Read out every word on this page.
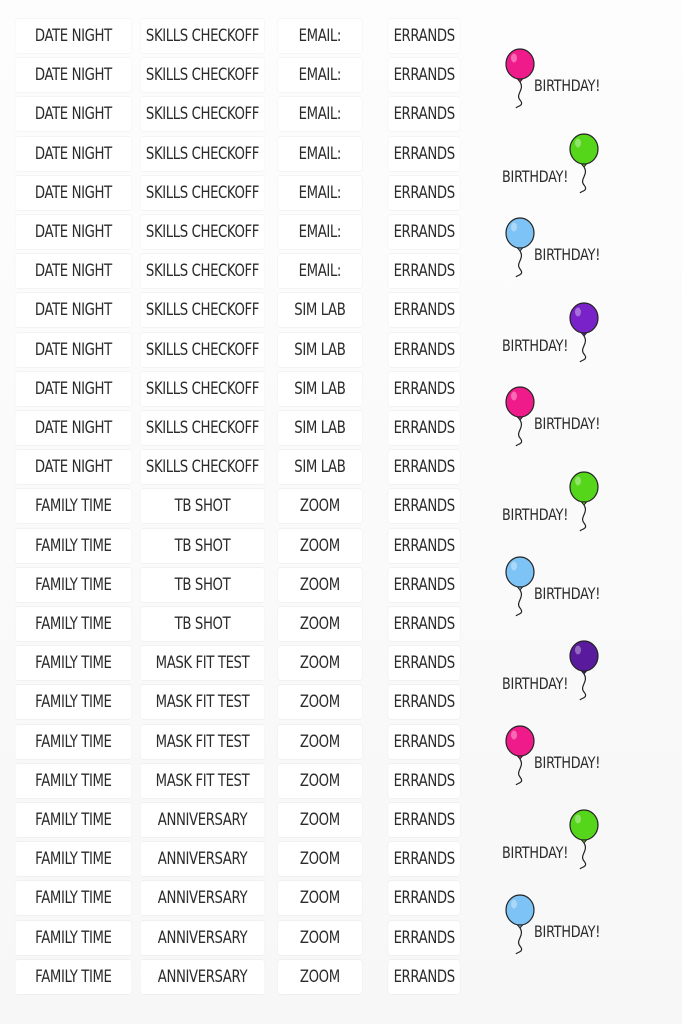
DATE NIGHT
DATE NIGHT
DATE NIGHT
DATE NIGHT
DATE NIGHT
DATE NIGHT
DATE NIGHT
DATE NIGHT
DATE NIGHT
DATE NIGHT
DATE NIGHT
DATE NIGHT
FAMILY TIME
FAMILY TIME
FAMILY TIME
FAMILY TIME
FAMILY TIME
FAMILY TIME
FAMILY TIME
FAMILY TIME
FAMILY TIME
FAMILY TIME
FAMILY TIME
FAMILY TIME
FAMILY TIME
SKILLS CHECKOFF
SKILLS CHECKOFF
SKILLS CHECKOFF
SKILLS CHECKOFF
SKILLS CHECKOFF
SKILLS CHECKOFF
SKILLS CHECKOFF
SKILLS CHECKOFF
SKILLS CHECKOFF
SKILLS CHECKOFF
SKILLS CHECKOFF
SKILLS CHECKOFF
TB SHOT
TB SHOT
TB SHOT
TB SHOT
MASK FIT TEST
MASK FIT TEST
MASK FIT TEST
MASK FIT TEST
ANNIVERSARY
ANNIVERSARY
ANNIVERSARY
ANNIVERSARY
ANNIVERSARY
EMAIL:
EMAIL:
EMAIL:
EMAIL:
EMAIL:
EMAIL:
EMAIL:
SIM LAB
SIM LAB
SIM LAB
SIM LAB
SIM LAB
ZOOM
ZOOM
ZOOM
ZOOM
ZOOM
ZOOM
ZOOM
ZOOM
ZOOM
ZOOM
ZOOM
ZOOM
ZOOM
ERRANDS
ERRANDS
ERRANDS
ERRANDS
ERRANDS
ERRANDS
ERRANDS
ERRANDS
ERRANDS
ERRANDS
ERRANDS
ERRANDS
ERRANDS
ERRANDS
ERRANDS
ERRANDS
ERRANDS
ERRANDS
ERRANDS
ERRANDS
ERRANDS
ERRANDS
ERRANDS
ERRANDS
ERRANDS
BIRTHDAY!
BIRTHDAY!
BIRTHDAY!
BIRTHDAY!
BIRTHDAY!
BIRTHDAY!
BIRTHDAY!
BIRTHDAY!
BIRTHDAY!
BIRTHDAY!
BIRTHDAY!
